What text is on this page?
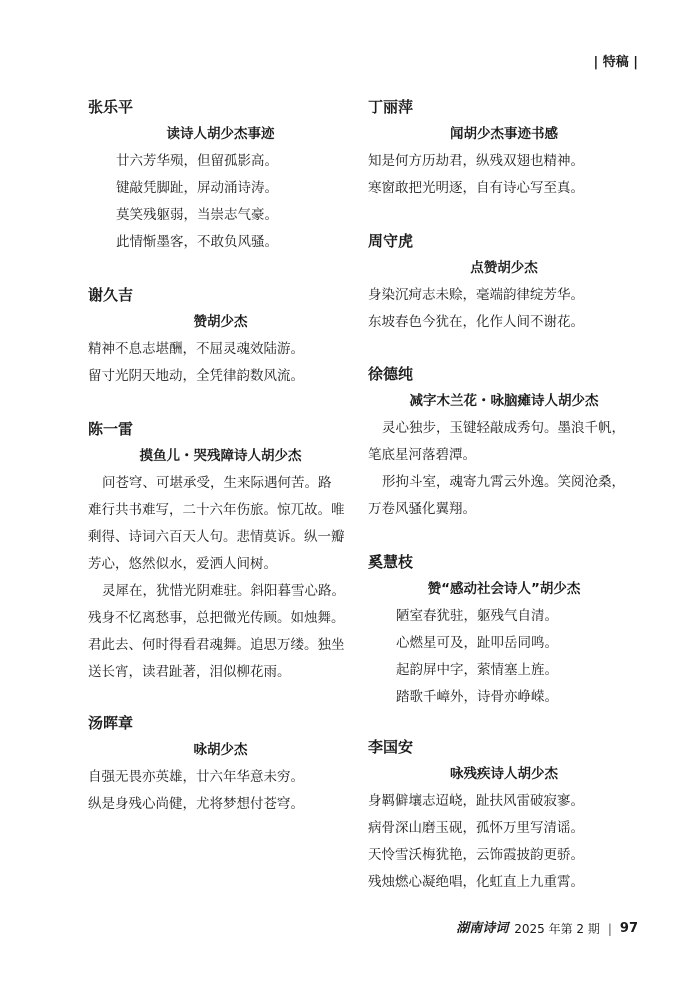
| 特稿 |
张乐平
读诗人胡少杰事迹
廿六芳华殒，但留孤影高。
键敲凭脚趾，屏动涌诗涛。
莫笑残躯弱，当崇志气豪。
此情惭墨客，不敢负风骚。
谢久吉
赞胡少杰
精神不息志堪酬，不屈灵魂效陆游。
留寸光阴天地动，全凭律韵数风流。
陈一雷
摸鱼儿・哭残障诗人胡少杰
问苍穹、可堪承受，生来际遇何苦。路
难行共书难写，二十六年伤旅。惊兀故。唯
剩得、诗词六百天人句。悲情莫诉。纵一瓣
芳心，悠然似水，爱洒人间树。
灵犀在，犹惜光阴难驻。斜阳暮雪心路。
残身不忆离愁事，总把微光传顾。如烛舞。
君此去、何时得看君魂舞。追思万缕。独坐
送长宵，读君趾著，泪似柳花雨。
汤晖章
咏胡少杰
自强无畏亦英雄，廿六年华意未穷。
纵是身残心尚健，尤将梦想付苍穹。
丁丽萍
闻胡少杰事迹书感
知是何方历劫君，纵残双翅也精神。
寒窗敢把光明逐，自有诗心写至真。
周守虎
点赞胡少杰
身染沉疴志未赊，毫端韵律绽芳华。
东坡春色今犹在，化作人间不谢花。
徐德纯
减字木兰花・咏脑瘫诗人胡少杰
灵心独步，玉键轻敲成秀句。墨浪千帆，
笔底星河落碧潭。
形拘斗室，魂寄九霄云外逸。笑阅沧桑，
万卷风骚化翼翔。
奚慧枝
赞“感动社会诗人”胡少杰
陋室春犹驻，躯残气自清。
心燃星可及，趾叩岳同鸣。
起韵屏中字，萦情塞上旌。
踏歌千嶂外，诗骨亦峥嵘。
李国安
咏残疾诗人胡少杰
身羁僻壤志迢峣，趾扶风雷破寂寥。
病骨深山磨玉砚，孤怀万里写清谣。
天怜雪沃梅犹艳，云饰霞披韵更骄。
残烛燃心凝绝唱，化虹直上九重霄。
湖南诗词 2025 年第 2 期 | 97
